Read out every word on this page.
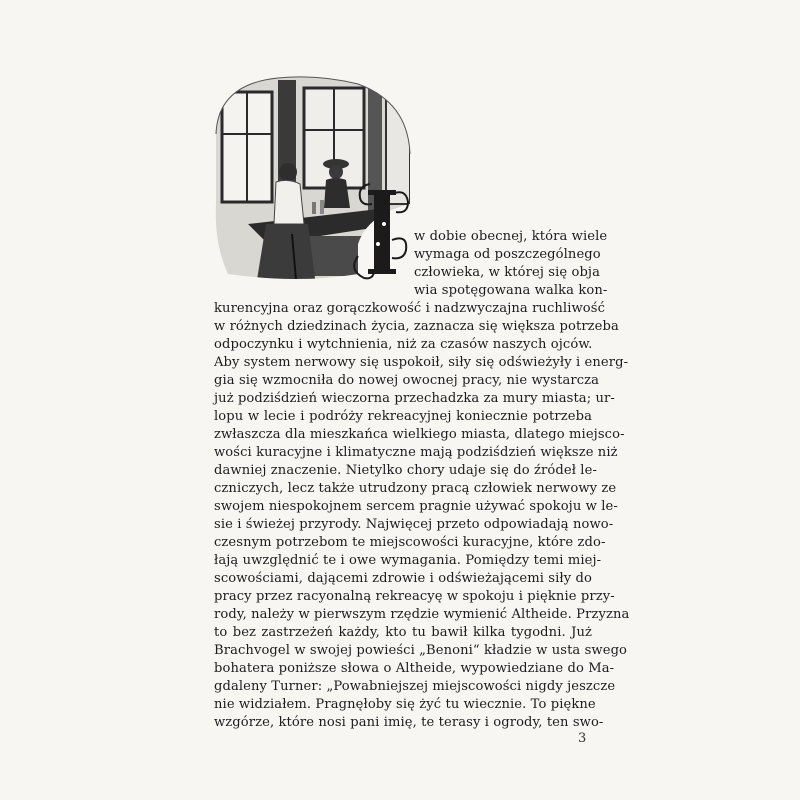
w dobie obecnej, która wiele
wymaga od poszczególnego
człowieka, w której się obja
wia spotęgowana walka kon-
kurencyjna oraz gorączkowość i nadzwyczajna ruchliwość
w różnych dziedzinach życia, zaznacza się większa potrzeba
odpoczynku i wytchnienia, niż za czasów naszych ojców.
Aby system nerwowy się uspokoił, siły się odświeżyły i energ-
gia się wzmocniła do nowej owocnej pracy, nie wystarcza
już podziśdzień wieczorna przechadzka za mury miasta; ur-
lopu w lecie i podróży rekreacyjnej koniecznie potrzeba
zwłaszcza dla mieszkańca wielkiego miasta, dlatego miejsco-
wości kuracyjne i klimatyczne mają podziśdzień większe niż
dawniej znaczenie. Nietylko chory udaje się do źródeł le-
czniczych, lecz także utrudzony pracą człowiek nerwowy ze
swojem niespokojnem sercem pragnie używać spokoju w le-
sie i świeżej przyrody. Najwięcej przeto odpowiadają nowo-
czesnym potrzebom te miejscowości kuracyjne, które zdo-
łają uwzględnić te i owe wymagania. Pomiędzy temi miej-
scowościami, dającemi zdrowie i odświeżającemi siły do
pracy przez racyonalną rekreacyę w spokoju i pięknie przy-
rody, należy w pierwszym rzędzie wymienić Altheide. Przyzna
to bez zastrzeżeń każdy, kto tu bawił kilka tygodni. Już
Brachvogel w swojej powieści „Benoni“ kładzie w usta swego
bohatera poniższe słowa o Altheide, wypowiedziane do Ma-
gdaleny Turner: „Powabniejszej miejscowości nigdy jeszcze
nie widziałem. Pragnęłoby się żyć tu wiecznie. To piękne
wzgórze, które nosi pani imię, te terasy i ogrody, ten swo-
3
